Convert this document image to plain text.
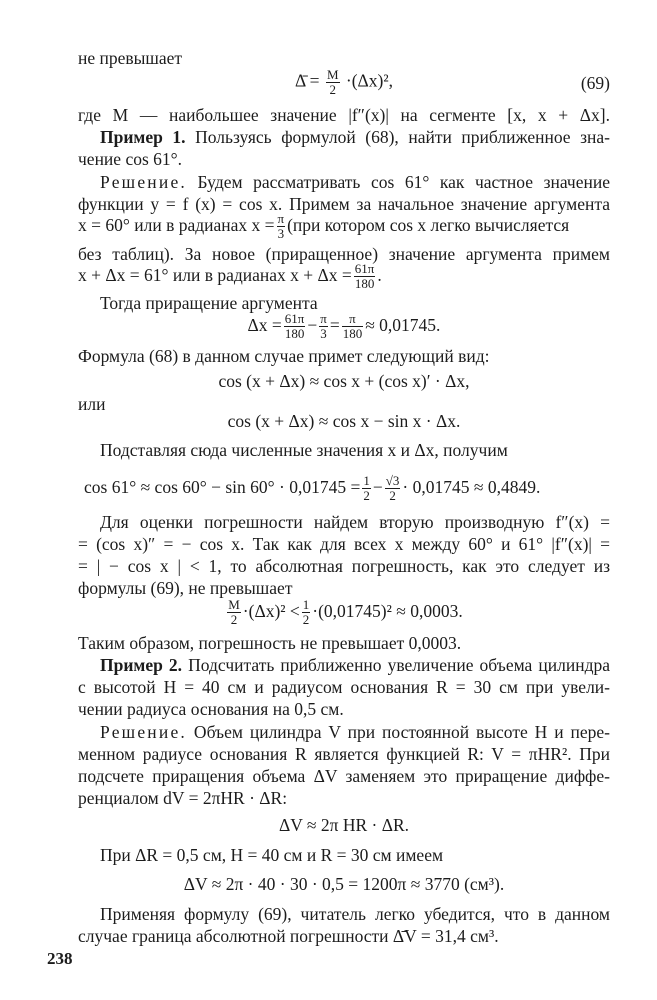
не превышает
Δ̄ = $\frac{M}{2} \cdot(\Delta x)^2$,	(69)
где M — наибольшее значение |f″(x)| на сегменте [x, x + Δx].
Пример 1. Пользуясь формулой (68), найти приближенное зна-
чение cos 61°.
Решение. Будем рассматривать cos 61° как частное значение
функции y = f (x) = cos x. Примем за начальное значение аргумента
x = 60° или в радианах $x = \frac{\pi}{3} (при$ котором cos x легко вычисляется
без таблиц). За новое (приращенное) значение аргумента примем
x + Δx = 61° или в радианах $x + \Delta x = \frac{61\pi}{180}$ .
Тогда приращение аргумента
$\Delta x = \frac{61\pi}{180} - \frac{\pi}{3} = \frac{\pi}{180} \approx 0,01745$.
Формула (68) в данном случае примет следующий вид:
cos (x + Δx) ≈ cos x + (cos x)′ · Δx,
или
cos (x + Δx) ≈ cos x − sin x · Δx.
Подставляя сюда численные значения x и Δx, получим
$\cos 61^\circ \approx \cos 60^\circ - \sin 60^\circ \cdot 0,01745 = \frac{1}{2} - \frac{√3}{2} \cdot 0,01745 \approx 0,4849$.
Для оценки погрешности найдем вторую производную f″(x) =
= (cos x)″ = − cos x. Так как для всех x между 60° и 61° |f″(x)| =
= | − cos x | < 1, то абсолютная погрешность, как это следует из
формулы (69), не превышает
$\frac{M}{2} \cdot(\Delta x)^2 < \frac{1}{2} \cdot(0,01745)^2 \approx 0,0003$.
Таким образом, погрешность не превышает 0,0003.
Пример 2. Подсчитать приближенно увеличение объема цилиндра
с высотой H = 40 см и радиусом основания R = 30 см при увели-
чении радиуса основания на 0,5 см.
Решение. Объем цилиндра V при постоянной высоте H и пере-
менном радиусе основания R является функцией R: V = πHR². При
подсчете приращения объема ΔV заменяем это приращение диффе-
ренциалом dV = 2πHR · ΔR:
ΔV ≈ 2π HR · ΔR.
При ΔR = 0,5 см, H = 40 см и R = 30 см имеем
ΔV ≈ 2π · 40 · 30 · 0,5 = 1200π ≈ 3770 (см³).
Применяя формулу (69), читатель легко убедится, что в данном
случае граница абсолютной погрешности Δ̄V = 31,4 см³.
238
